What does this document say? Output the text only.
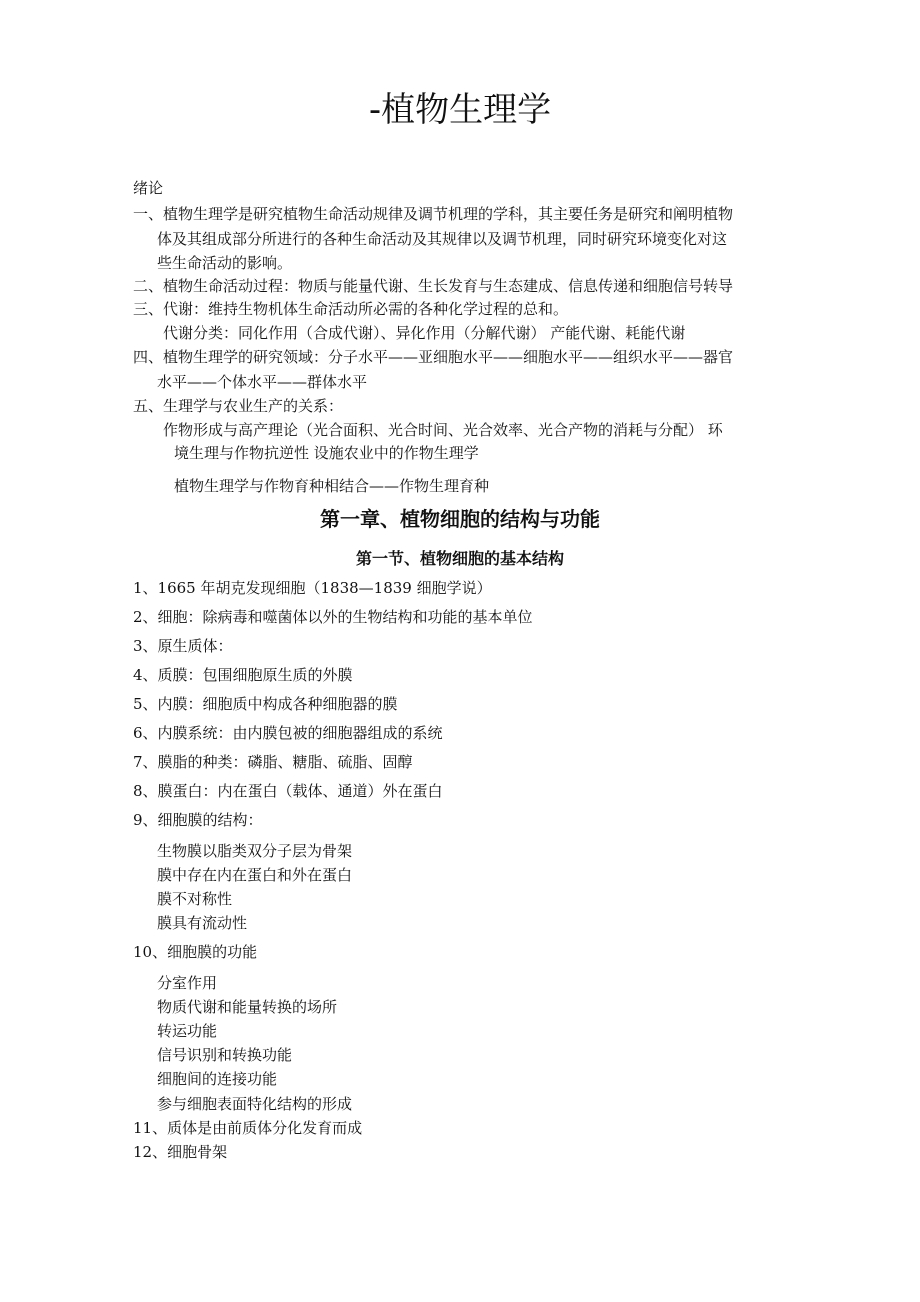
-植物生理学
绪论
一、植物生理学是研究植物生命活动规律及调节机理的学科，其主要任务是研究和阐明植物
体及其组成部分所进行的各种生命活动及其规律以及调节机理，同时研究环境变化对这
些生命活动的影响。
二、植物生命活动过程：物质与能量代谢、生长发育与生态建成、信息传递和细胞信号转导
三、代谢：维持生物机体生命活动所必需的各种化学过程的总和。
代谢分类：同化作用（合成代谢）、异化作用（分解代谢） 产能代谢、耗能代谢
四、植物生理学的研究领域：分子水平——亚细胞水平——细胞水平——组织水平——器官
水平——个体水平——群体水平
五、生理学与农业生产的关系：
作物形成与高产理论（光合面积、光合时间、光合效率、光合产物的消耗与分配） 环
境生理与作物抗逆性 设施农业中的作物生理学
植物生理学与作物育种相结合——作物生理育种
第一章、植物细胞的结构与功能
第一节、植物细胞的基本结构
1、1665 年胡克发现细胞（1838—1839 细胞学说）
2、细胞：除病毒和噬菌体以外的生物结构和功能的基本单位
3、原生质体：
4、质膜：包围细胞原生质的外膜
5、内膜：细胞质中构成各种细胞器的膜
6、内膜系统：由内膜包被的细胞器组成的系统
7、膜脂的种类：磷脂、糖脂、硫脂、固醇
8、膜蛋白：内在蛋白（载体、通道）外在蛋白
9、细胞膜的结构：
生物膜以脂类双分子层为骨架
膜中存在内在蛋白和外在蛋白
膜不对称性
膜具有流动性
10、细胞膜的功能
分室作用
物质代谢和能量转换的场所
转运功能
信号识别和转换功能
细胞间的连接功能
参与细胞表面特化结构的形成
11、质体是由前质体分化发育而成
12、细胞骨架
